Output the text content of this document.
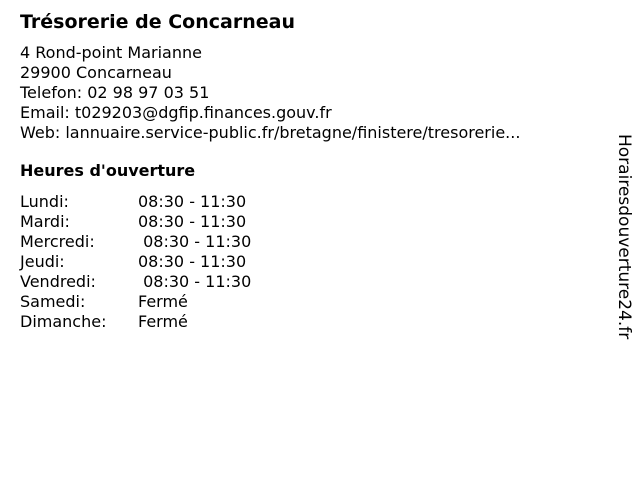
Trésorerie de Concarneau
4 Rond-point Marianne
29900 Concarneau
Telefon: 02 98 97 03 51
Email: t029203@dgfip.finances.gouv.fr
Web: lannuaire.service-public.fr/bretagne/finistere/tresorerie...
Heures d'ouverture
Lundi:	08:30 - 11:30
Mardi:	08:30 - 11:30
Mercredi:	08:30 - 11:30
Jeudi:	08:30 - 11:30
Vendredi:	08:30 - 11:30
Samedi:	Fermé
Dimanche:	Fermé	Horairesdouverture24.fr
